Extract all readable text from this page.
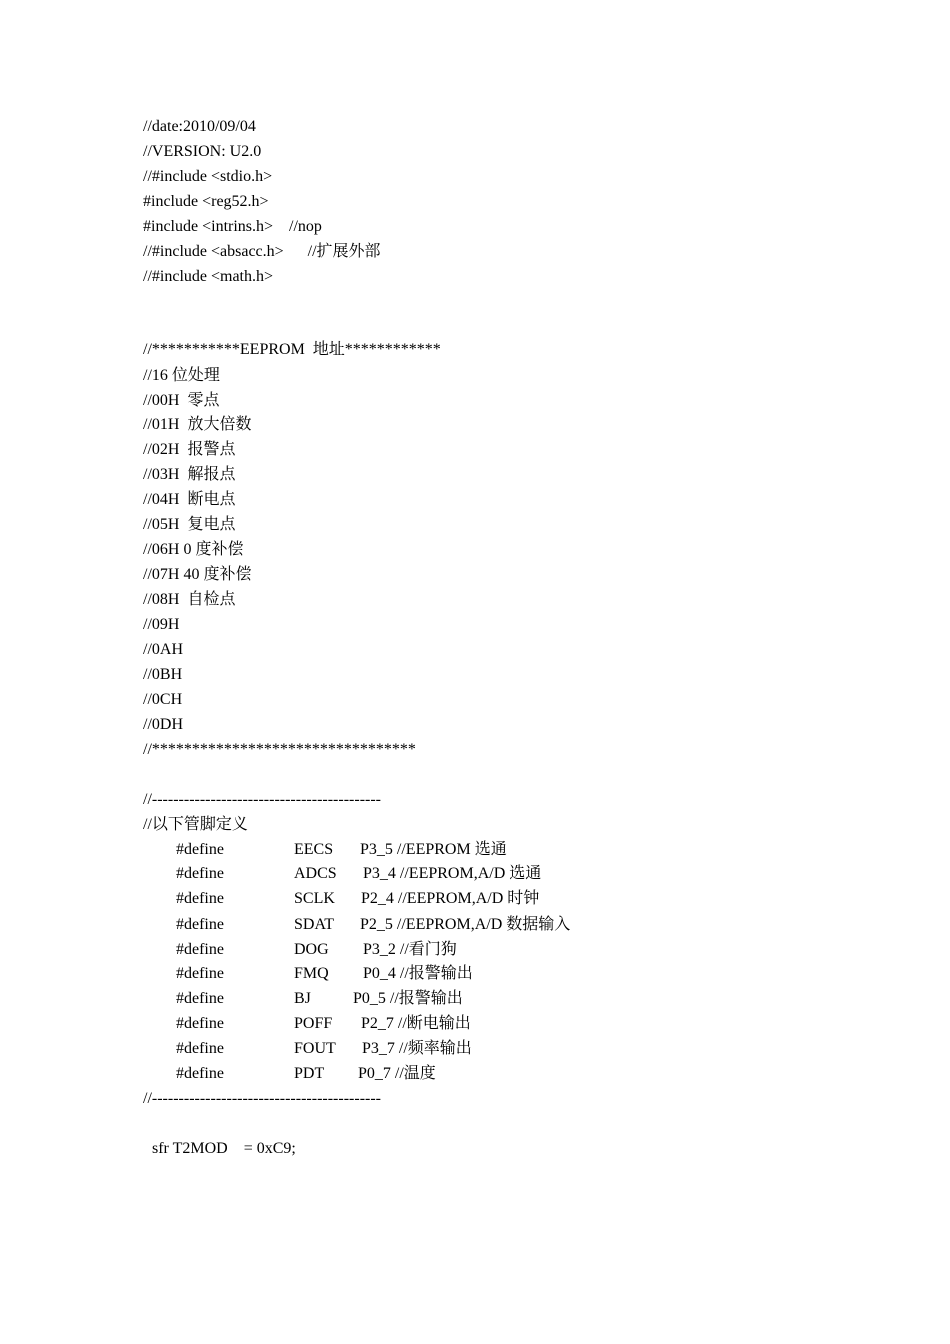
//date:2010/09/04
//VERSION: U2.0
//#include <stdio.h>
#include <reg52.h>
#include <intrins.h>    //nop
//#include <absacc.h>      //扩展外部
//#include <math.h>
//***********EEPROM  地址************
//16 位处理
//00H  零点
//01H  放大倍数
//02H  报警点
//03H  解报点
//04H  断电点
//05H  复电点
//06H 0 度补偿
//07H 40 度补偿
//08H  自检点
//09H
//0AH
//0BH
//0CH
//0DH
//*********************************
//-------------------------------------------
//以下管脚定义
#define	EECS P3_5 //EEPROM 选通
#define	ADCS P3_4 //EEPROM,A/D 选通
#define	SCLK P2_4 //EEPROM,A/D 时钟
#define	SDAT P2_5 //EEPROM,A/D 数据输入
#define	DOG P3_2 //看门狗
#define	FMQ P0_4 //报警输出
#define	BJ	P0_5 //报警输出
#define	POFF P2_7 //断电输出
#define	FOUT P3_7 //频率输出
#define	PDT P0_7 //温度
//-------------------------------------------
sfr T2MOD    = 0xC9;
